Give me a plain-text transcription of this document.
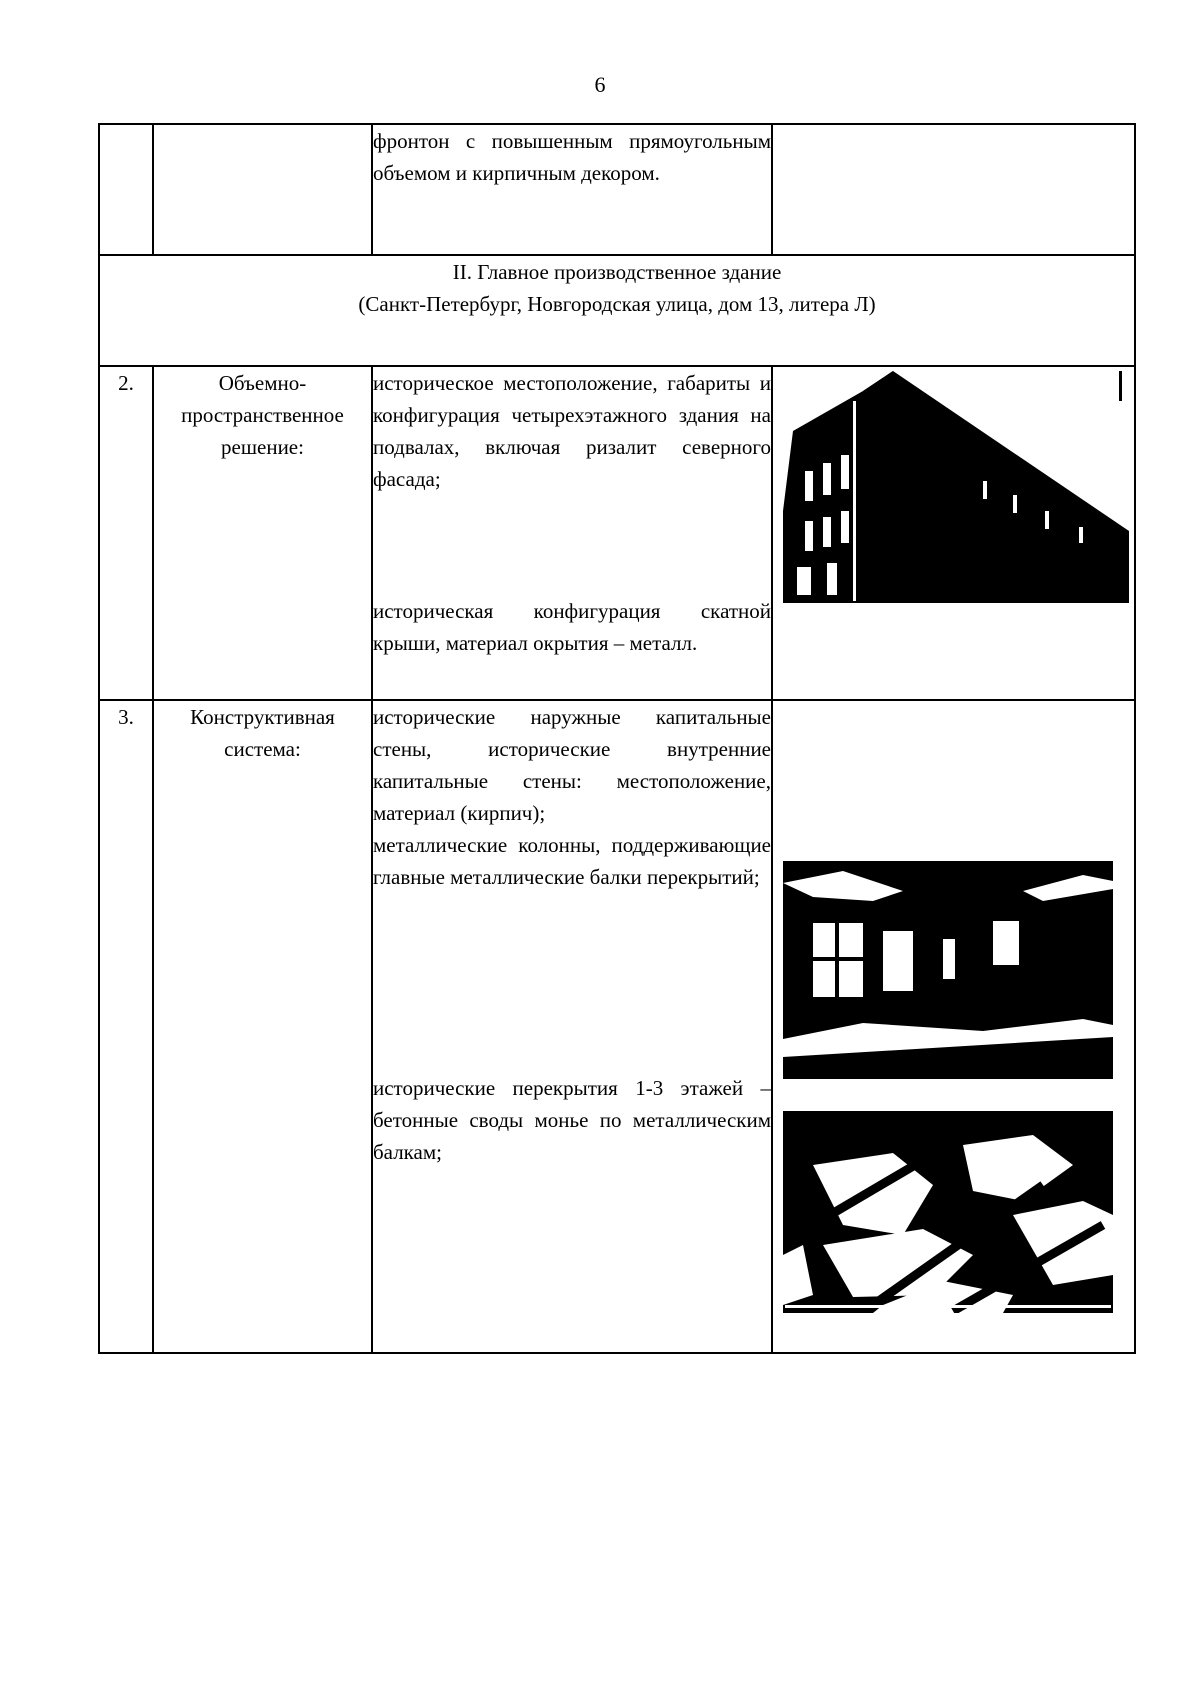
6

		фронтон с повышенным прямоугольным объемом и кирпичным декором.	

II. Главное производственное здание
(Санкт-Петербург, Новгородская улица, дом 13, литера Л)			

2.	Объемно-пространственное решение:	историческое местоположение, габариты и конфигурация четырехэтажного здания на подвалах, включая ризалит северного фасада;

историческая конфигурация скатной крыши, материал окрытия – металл.

3.	Конструктивная система:	исторические наружные капитальные стены, исторические внутренние капитальные стены: местоположение, материал (кирпич);

металлические колонны, поддерживающие главные металлические балки перекрытий;

исторические перекрытия 1-3 этажей – бетонные своды монье по металлическим балкам;
